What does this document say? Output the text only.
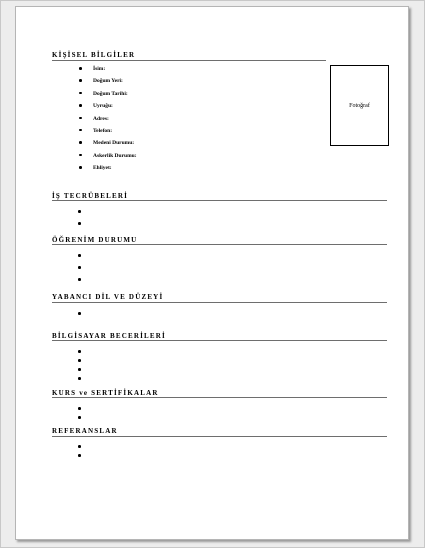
KİŞİSEL BİLGİLER
İsim:
Doğum Yeri:
Doğum Tarihi:
Uyruğu:
Adres:
Telefon:
Medeni Durumu:
Askerlik Durumu:
Ehliyet:
Fotoğraf
İŞ TECRÜBELERİ
ÖĞRENİM DURUMU
YABANCI DİL VE DÜZEYİ
BİLGİSAYAR BECERİLERİ
KURS ve SERTİFİKALAR
REFERANSLAR
